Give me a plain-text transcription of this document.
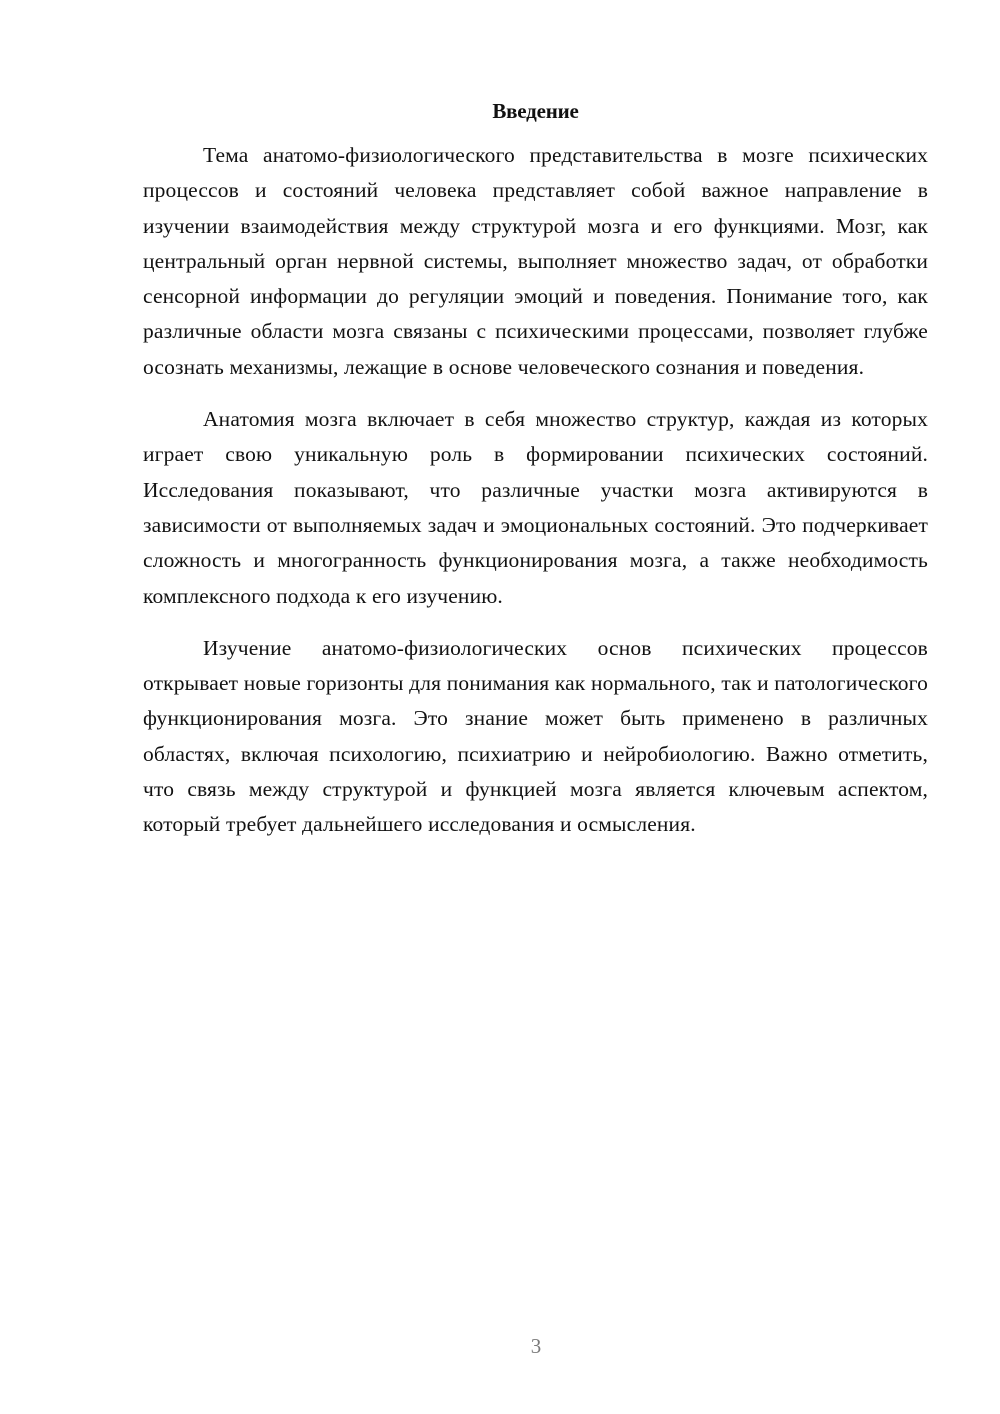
Введение

Тема анатомо-физиологического представительства в мозге психических процессов и состояний человека представляет собой важное направление в изучении взаимодействия между структурой мозга и его функциями. Мозг, как центральный орган нервной системы, выполняет множество задач, от обработки сенсорной информации до регуляции эмоций и поведения. Понимание того, как различные области мозга связаны с психическими процессами, позволяет глубже осознать механизмы, лежащие в основе человеческого сознания и поведения.

Анатомия мозга включает в себя множество структур, каждая из которых играет свою уникальную роль в формировании психических состояний. Исследования показывают, что различные участки мозга активируются в зависимости от выполняемых задач и эмоциональных состояний. Это подчеркивает сложность и многогранность функционирования мозга, а также необходимость комплексного подхода к его изучению.

Изучение анатомо-физиологических основ психических процессов открывает новые горизонты для понимания как нормального, так и патологического функционирования мозга. Это знание может быть применено в различных областях, включая психологию, психиатрию и нейробиологию. Важно отметить, что связь между структурой и функцией мозга является ключевым аспектом, который требует дальнейшего исследования и осмысления.

3
